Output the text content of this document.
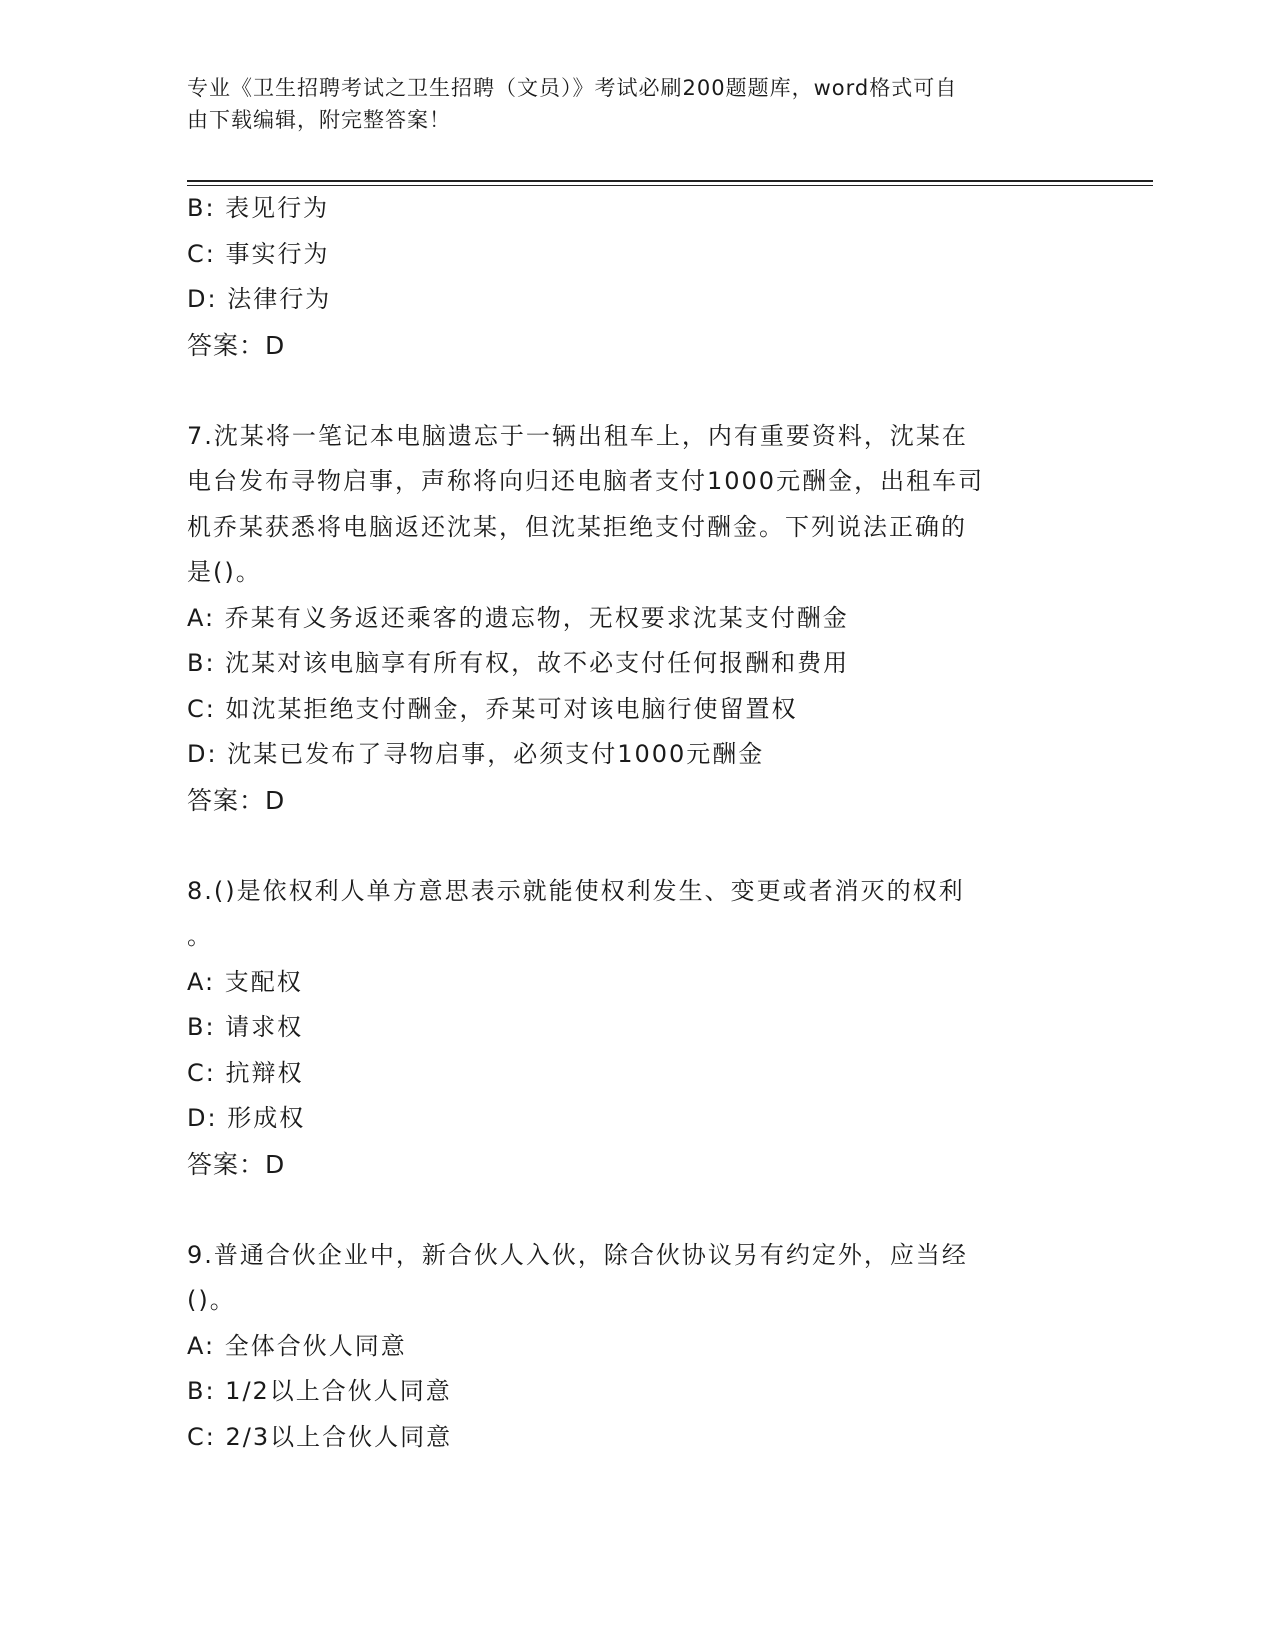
专业《卫生招聘考试之卫生招聘（文员）》考试必刷200题题库，word格式可自
由下载编辑，附完整答案！
B: 表见行为
C: 事实行为
D: 法律行为
答案：D
7.沈某将一笔记本电脑遗忘于一辆出租车上，内有重要资料，沈某在
电台发布寻物启事，声称将向归还电脑者支付1000元酬金，出租车司
机乔某获悉将电脑返还沈某，但沈某拒绝支付酬金。下列说法正确的
是()。
A: 乔某有义务返还乘客的遗忘物，无权要求沈某支付酬金
B: 沈某对该电脑享有所有权，故不必支付任何报酬和费用
C: 如沈某拒绝支付酬金，乔某可对该电脑行使留置权
D: 沈某已发布了寻物启事，必须支付1000元酬金
答案：D
8.()是依权利人单方意思表示就能使权利发生、变更或者消灭的权利
。
A: 支配权
B: 请求权
C: 抗辩权
D: 形成权
答案：D
9.普通合伙企业中，新合伙人入伙，除合伙协议另有约定外，应当经
()。
A: 全体合伙人同意
B: 1/2以上合伙人同意
C: 2/3以上合伙人同意
